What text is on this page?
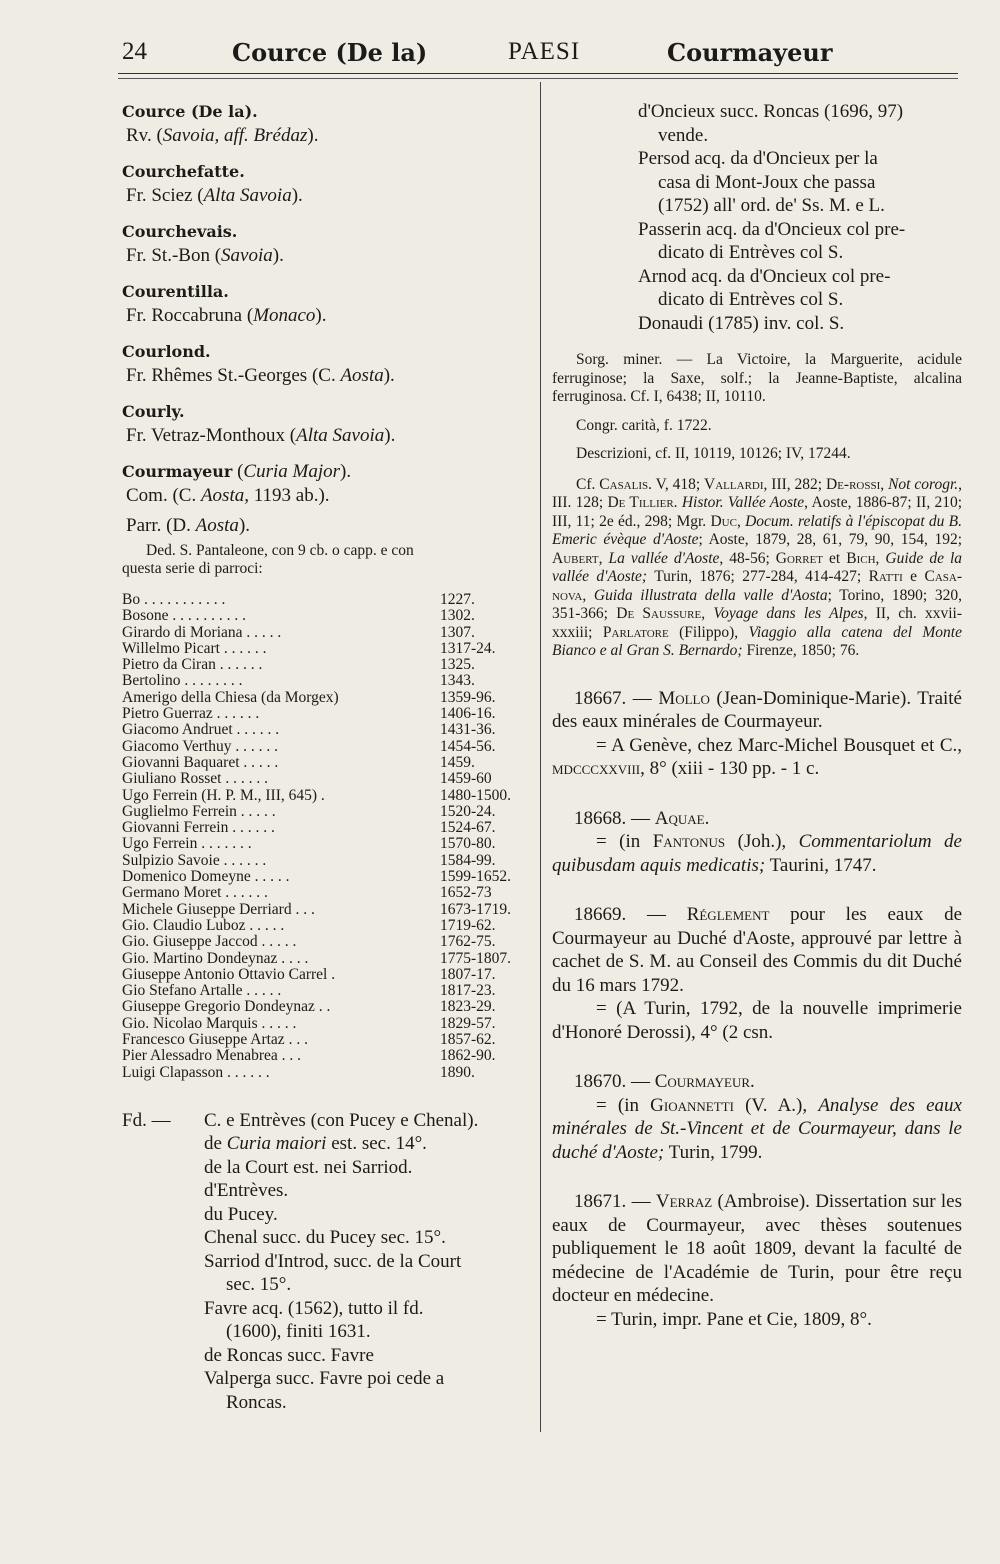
24	Cource (De la)	PAESI	Courmayeur
Cource (De la).
Rv. (Savoia, aff. Brédaz).
Courchefatte.
Fr. Sciez (Alta Savoia).
Courchevais.
Fr. St.-Bon (Savoia).
Courentilla.
Fr. Roccabruna (Monaco).
Courlond.
Fr. Rhêmes St.-Georges (C. Aosta).
Courly.
Fr. Vetraz-Monthoux (Alta Savoia).
Courmayeur (Curia Major).
Com. (C. Aosta, 1193 ab.).
Parr. (D. Aosta).
Ded. S. Pantaleone, con 9 cb. o capp. e con
questa serie di parroci:
Bo . . . . . . . . . . .	1227.
Bosone . . . . . . . . . .	1302.
Girardo di Moriana . . . . .	1307.
Willelmo Picart . . . . . .	1317-24.
Pietro da Ciran . . . . . .	1325.
Bertolino . . . . . . . .	1343.
Amerigo della Chiesa (da Morgex)	1359-96.
Pietro Guerraz . . . . . .	1406-16.
Giacomo Andruet . . . . . .	1431-36.
Giacomo Verthuy . . . . . .	1454-56.
Giovanni Baquaret . . . . .	1459.
Giuliano Rosset . . . . . .	1459-60
Ugo Ferrein (H. P. M., III, 645) .	1480-1500.
Guglielmo Ferrein . . . . .	1520-24.
Giovanni Ferrein . . . . . .	1524-67.
Ugo Ferrein . . . . . . .	1570-80.
Sulpizio Savoie . . . . . .	1584-99.
Domenico Domeyne . . . . .	1599-1652.
Germano Moret . . . . . .	1652-73
Michele Giuseppe Derriard . . .	1673-1719.
Gio. Claudio Luboz . . . . .	1719-62.
Gio. Giuseppe Jaccod . . . . .	1762-75.
Gio. Martino Dondeynaz . . . .	1775-1807.
Giuseppe Antonio Ottavio Carrel .	1807-17.
Gio Stefano Artalle . . . . .	1817-23.
Giuseppe Gregorio Dondeynaz . .	1823-29.
Gio. Nicolao Marquis . . . . .	1829-57.
Francesco Giuseppe Artaz . . .	1857-62.
Pier Alessadro Menabrea . . .	1862-90.
Luigi Clapasson . . . . . .	1890.
Fd. — C. e Entrèves (con Pucey e Chenal).
de Curia maiori est. sec. 14°.
de la Court est. nei Sarriod.
d'Entrèves.
du Pucey.
Chenal succ. du Pucey sec. 15°.
Sarriod d'Introd, succ. de la Court
sec. 15°.
Favre acq. (1562), tutto il fd.
(1600), finiti 1631.
de Roncas succ. Favre
Valperga succ. Favre poi cede a
Roncas.
d'Oncieux succ. Roncas (1696, 97)
vende.
Persod acq. da d'Oncieux per la
casa di Mont-Joux che passa
(1752) all' ord. de' Ss. M. e L.
Passerin acq. da d'Oncieux col pre-
dicato di Entrèves col S.
Arnod acq. da d'Oncieux col pre-
dicato di Entrèves col S.
Donaudi (1785) inv. col. S.
Sorg. miner. — La Victoire, la Marguerite, acidule ferruginose; la Saxe, solf.; la Jeanne-Baptiste, alcalina ferruginosa. Cf. I, 6438; II, 10110.
Congr. carità, f. 1722.
Descrizioni, cf. II, 10119, 10126; IV, 17244.
Cf. Casalis. V, 418; Vallardi, III, 282; De-rossi, Not corogr., III. 128; De Tillier. Histor. Vallée Aoste, Aoste, 1886-87; II, 210; III, 11; 2e éd., 298; Mgr. Duc, Docum. relatifs à l'épiscopat du B. Emeric évèque d'Aoste; Aoste, 1879, 28, 61, 79, 90, 154, 192; Aubert, La vallée d'Aoste, 48-56; Gorret et Bich, Guide de la vallée d'Aoste; Turin, 1876; 277-284, 414-427; Ratti e Casa-nova, Guida illustrata della valle d'Aosta; Torino, 1890; 320, 351-366; De Saussure, Voyage dans les Alpes, II, ch. xxvii-xxxiii; Parlatore (Filippo), Viaggio alla catena del Monte Bianco e al Gran S. Bernardo; Firenze, 1850; 76.
18667. — Mollo (Jean-Dominique-Marie). Traité des eaux minérales de Courmayeur.
= A Genève, chez Marc-Michel Bousquet et C., mdcccxxviii, 8° (xiii - 130 pp. - 1 c.
18668. — Aquae.
= (in Fantonus (Joh.), Commentariolum de quibusdam aquis medicatis; Taurini, 1747.
18669. — Réglement pour les eaux de Courmayeur au Duché d'Aoste, approuvé par lettre à cachet de S. M. au Conseil des Commis du dit Duché du 16 mars 1792.
= (A Turin, 1792, de la nouvelle imprimerie d'Honoré Derossi), 4° (2 csn.
18670. — Courmayeur.
= (in Gioannetti (V. A.), Analyse des eaux minérales de St.-Vincent et de Courmayeur, dans le duché d'Aoste; Turin, 1799.
18671. — Verraz (Ambroise). Dissertation sur les eaux de Courmayeur, avec thèses soutenues publiquement le 18 août 1809, devant la faculté de médecine de l'Académie de Turin, pour être reçu docteur en médecine.
= Turin, impr. Pane et Cie, 1809, 8°.
